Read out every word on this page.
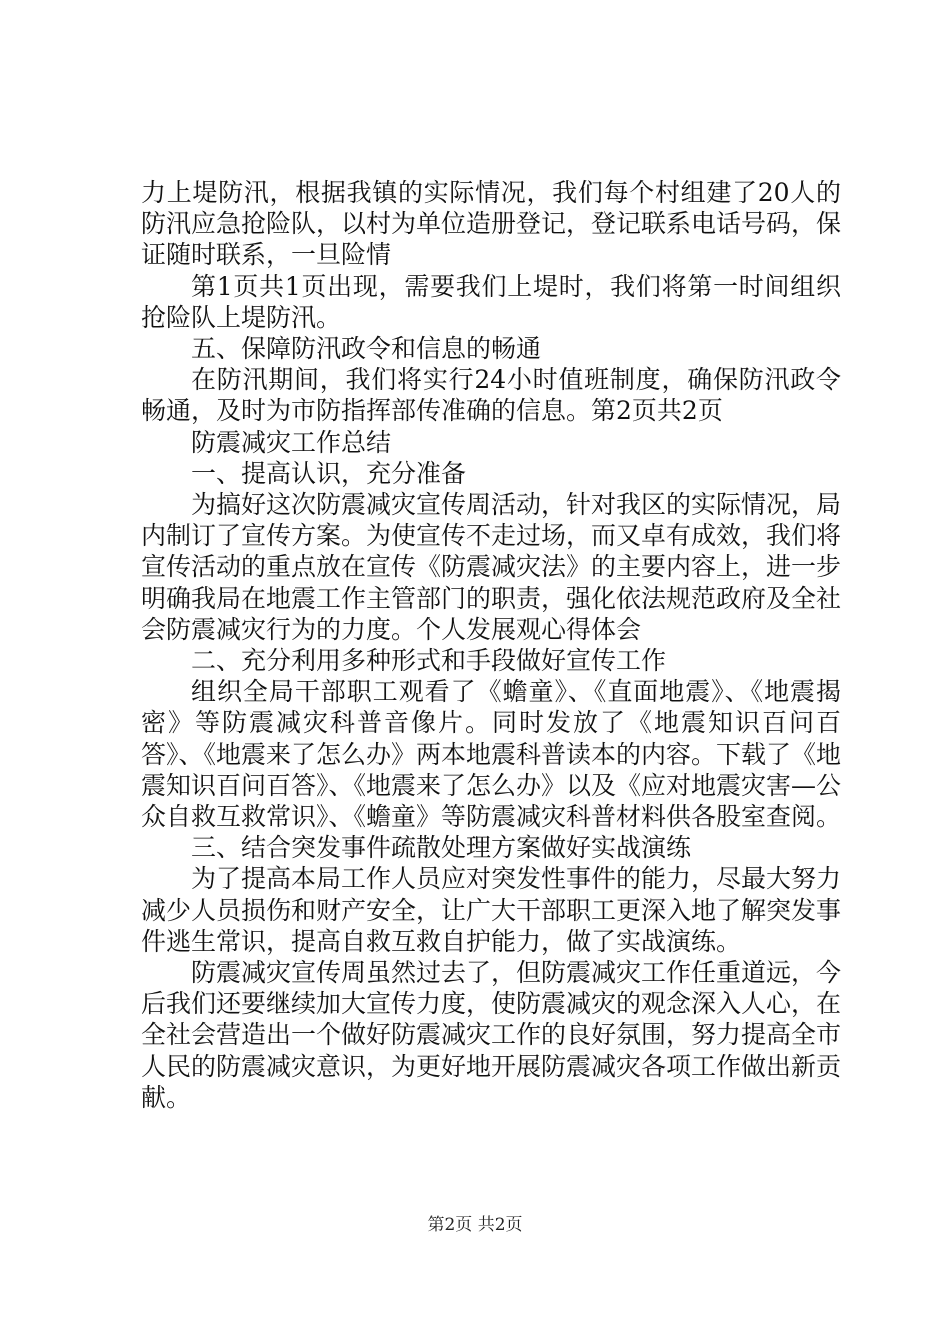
力上堤防汛，根据我镇的实际情况，我们每个村组建了20人的防汛应急抢险队，以村为单位造册登记，登记联系电话号码，保证随时联系，一旦险情

第1页共1页出现，需要我们上堤时，我们将第一时间组织抢险队上堤防汛。

五、保障防汛政令和信息的畅通

在防汛期间，我们将实行24小时值班制度，确保防汛政令畅通，及时为市防指挥部传准确的信息。第2页共2页

防震减灾工作总结

一、提高认识，充分准备

为搞好这次防震减灾宣传周活动，针对我区的实际情况，局内制订了宣传方案。为使宣传不走过场，而又卓有成效，我们将宣传活动的重点放在宣传《防震减灾法》的主要内容上，进一步明确我局在地震工作主管部门的职责，强化依法规范政府及全社会防震减灾行为的力度。个人发展观心得体会

二、充分利用多种形式和手段做好宣传工作

组织全局干部职工观看了《蟾童》、《直面地震》、《地震揭密》等防震减灾科普音像片。同时发放了《地震知识百问百答》、《地震来了怎么办》两本地震科普读本的内容。下载了《地震知识百问百答》、《地震来了怎么办》以及《应对地震灾害—公众自救互救常识》、《蟾童》等防震减灾科普材料供各股室查阅。

三、结合突发事件疏散处理方案做好实战演练

为了提高本局工作人员应对突发性事件的能力，尽最大努力减少人员损伤和财产安全，让广大干部职工更深入地了解突发事件逃生常识，提高自救互救自护能力，做了实战演练。

防震减灾宣传周虽然过去了，但防震减灾工作任重道远，今后我们还要继续加大宣传力度，使防震减灾的观念深入人心，在全社会营造出一个做好防震减灾工作的良好氛围，努力提高全市人民的防震减灾意识，为更好地开展防震减灾各项工作做出新贡献。

第2页 共2页
